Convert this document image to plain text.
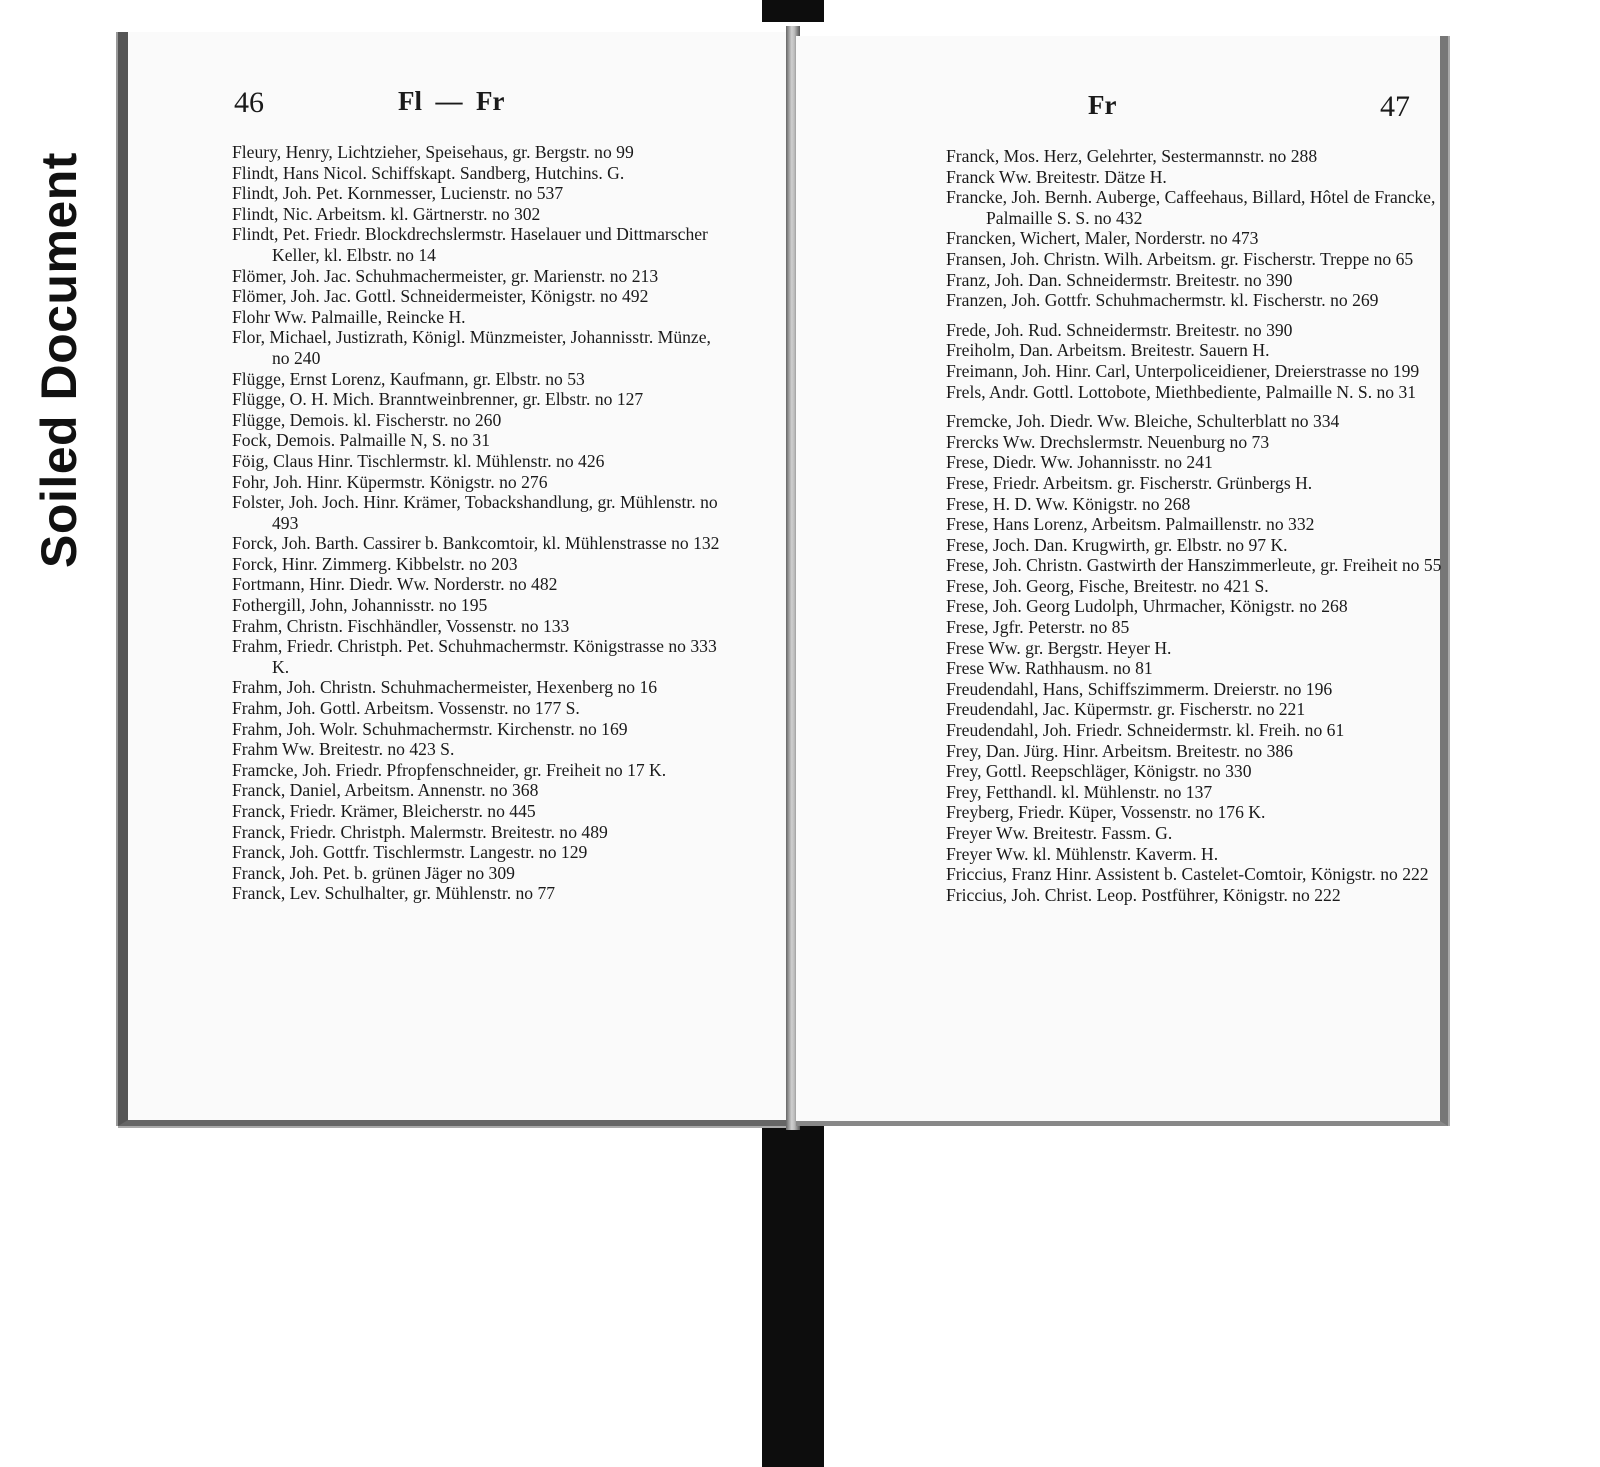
Soiled Document
46	Fl  —  Fr
Fleury, Henry, Lichtzieher, Speisehaus, gr. Bergstr. no 99
Flindt, Hans Nicol. Schiffskapt. Sandberg, Hutchins. G.
Flindt, Joh. Pet. Kornmesser, Lucienstr. no 537
Flindt, Nic. Arbeitsm. kl. Gärtnerstr. no 302
Flindt, Pet. Friedr. Blockdrechslermstr. Haselauer und Dittmarscher Keller, kl. Elbstr. no 14
Flömer, Joh. Jac. Schuhmachermeister, gr. Marienstr. no 213
Flömer, Joh. Jac. Gottl. Schneidermeister, Königstr. no 492
Flohr Ww. Palmaille, Reincke H.
Flor, Michael, Justizrath, Königl. Münzmeister, Johannisstr. Münze, no 240
Flügge, Ernst Lorenz, Kaufmann, gr. Elbstr. no 53
Flügge, O. H. Mich. Branntweinbrenner, gr. Elbstr. no 127
Flügge, Demois. kl. Fischerstr. no 260
Fock, Demois. Palmaille N, S. no 31
Föig, Claus Hinr. Tischlermstr. kl. Mühlenstr. no 426
Fohr, Joh. Hinr. Küpermstr. Königstr. no 276
Folster, Joh. Joch. Hinr. Krämer, Tobackshandlung, gr. Mühlenstr. no 493
Forck, Joh. Barth. Cassirer b. Bankcomtoir, kl. Mühlenstrasse no 132
Forck, Hinr. Zimmerg. Kibbelstr. no 203
Fortmann, Hinr. Diedr. Ww. Norderstr. no 482
Fothergill, John, Johannisstr. no 195
Frahm, Christn. Fischhändler, Vossenstr. no 133
Frahm, Friedr. Christph. Pet. Schuhmachermstr. Königstrasse no 333 K.
Frahm, Joh. Christn. Schuhmachermeister, Hexenberg no 16
Frahm, Joh. Gottl. Arbeitsm. Vossenstr. no 177 S.
Frahm, Joh. Wolr. Schuhmachermstr. Kirchenstr. no 169
Frahm Ww. Breitestr. no 423 S.
Framcke, Joh. Friedr. Pfropfenschneider, gr. Freiheit no 17 K.
Franck, Daniel, Arbeitsm. Annenstr. no 368
Franck, Friedr. Krämer, Bleicherstr. no 445
Franck, Friedr. Christph. Malermstr. Breitestr. no 489
Franck, Joh. Gottfr. Tischlermstr. Langestr. no 129
Franck, Joh. Pet. b. grünen Jäger no 309
Franck, Lev. Schulhalter, gr. Mühlenstr. no 77
47
Fr
Franck, Mos. Herz, Gelehrter, Sestermannstr. no 288
Franck Ww. Breitestr. Dätze H.
Francke, Joh. Bernh. Auberge, Caffeehaus, Billard, Hôtel de Francke, Palmaille S. S. no 432
Francken, Wichert, Maler, Norderstr. no 473
Fransen, Joh. Christn. Wilh. Arbeitsm. gr. Fischerstr. Treppe no 65
Franz, Joh. Dan. Schneidermstr. Breitestr. no 390
Franzen, Joh. Gottfr. Schuhmachermstr. kl. Fischerstr. no 269
Frede, Joh. Rud. Schneidermstr. Breitestr. no 390
Freiholm, Dan. Arbeitsm. Breitestr. Sauern H.
Freimann, Joh. Hinr. Carl, Unterpoliceidiener, Dreierstrasse no 199
Frels, Andr. Gottl. Lottobote, Miethbediente, Palmaille N. S. no 31
Fremcke, Joh. Diedr. Ww. Bleiche, Schulterblatt no 334
Frercks Ww. Drechslermstr. Neuenburg no 73
Frese, Diedr. Ww. Johannisstr. no 241
Frese, Friedr. Arbeitsm. gr. Fischerstr. Grünbergs H.
Frese, H. D. Ww. Königstr. no 268
Frese, Hans Lorenz, Arbeitsm. Palmaillenstr. no 332
Frese, Joch. Dan. Krugwirth, gr. Elbstr. no 97 K.
Frese, Joh. Christn. Gastwirth der Hanszimmerleute, gr. Freiheit no 55
Frese, Joh. Georg, Fische, Breitestr. no 421 S.
Frese, Joh. Georg Ludolph, Uhrmacher, Königstr. no 268
Frese, Jgfr. Peterstr. no 85
Frese Ww. gr. Bergstr. Heyer H.
Frese Ww. Rathhausm. no 81
Freudendahl, Hans, Schiffszimmerm. Dreierstr. no 196
Freudendahl, Jac. Küpermstr. gr. Fischerstr. no 221
Freudendahl, Joh. Friedr. Schneidermstr. kl. Freih. no 61
Frey, Dan. Jürg. Hinr. Arbeitsm. Breitestr. no 386
Frey, Gottl. Reepschläger, Königstr. no 330
Frey, Fetthandl. kl. Mühlenstr. no 137
Freyberg, Friedr. Küper, Vossenstr. no 176 K.
Freyer Ww. Breitestr. Fassm. G.
Freyer Ww. kl. Mühlenstr. Kaverm. H.
Friccius, Franz Hinr. Assistent b. Castelet-Comtoir, Königstr. no 222
Friccius, Joh. Christ. Leop. Postführer, Königstr. no 222
